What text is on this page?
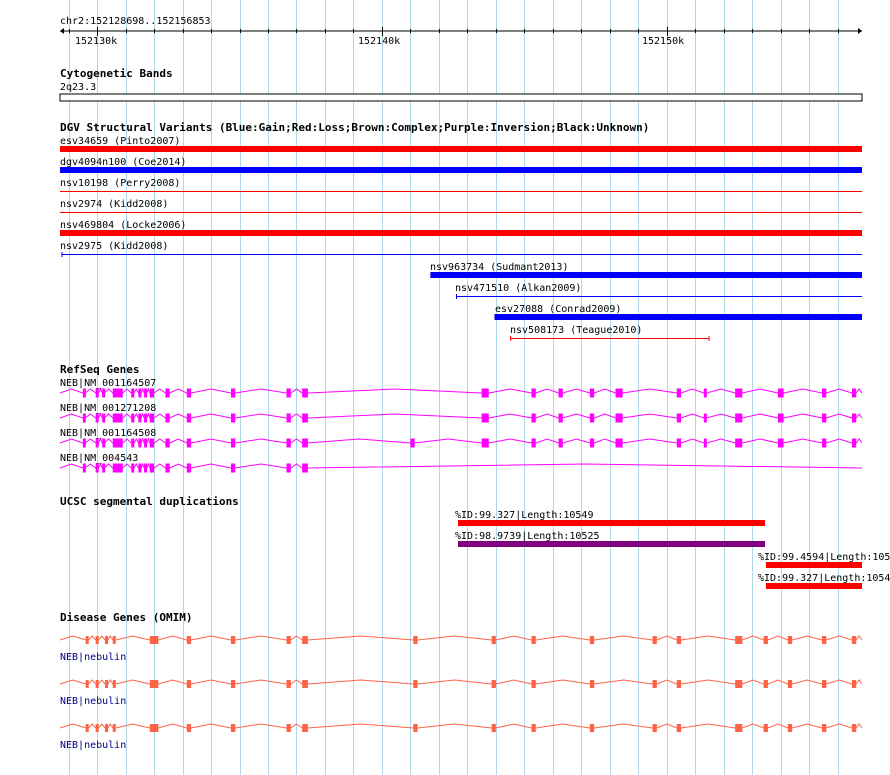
chr2:152128698..152156853
152130k	152140k	152150k
Cytogenetic Bands
2q23.3
DGV Structural Variants (Blue:Gain;Red:Loss;Brown:Complex;Purple:Inversion;Black:Unknown)
esv34659 (Pinto2007)
dgv4094n100 (Coe2014)
nsv10198 (Perry2008)
nsv2974 (Kidd2008)
nsv469804 (Locke2006)
nsv2975 (Kidd2008)
nsv963734 (Sudmant2013)
nsv471510 (Alkan2009)
esv27088 (Conrad2009)
nsv508173 (Teague2010)
RefSeq Genes
NEB|NM_001164507
NEB|NM_001271208
NEB|NM_001164508
NEB|NM_004543
UCSC segmental duplications
%ID:99.327|Length:10549
%ID:98.9739|Length:10525
%ID:99.4594|Length:105
%ID:99.327|Length:1054
Disease Genes (OMIM)
NEB|nebulin
NEB|nebulin
NEB|nebulin
